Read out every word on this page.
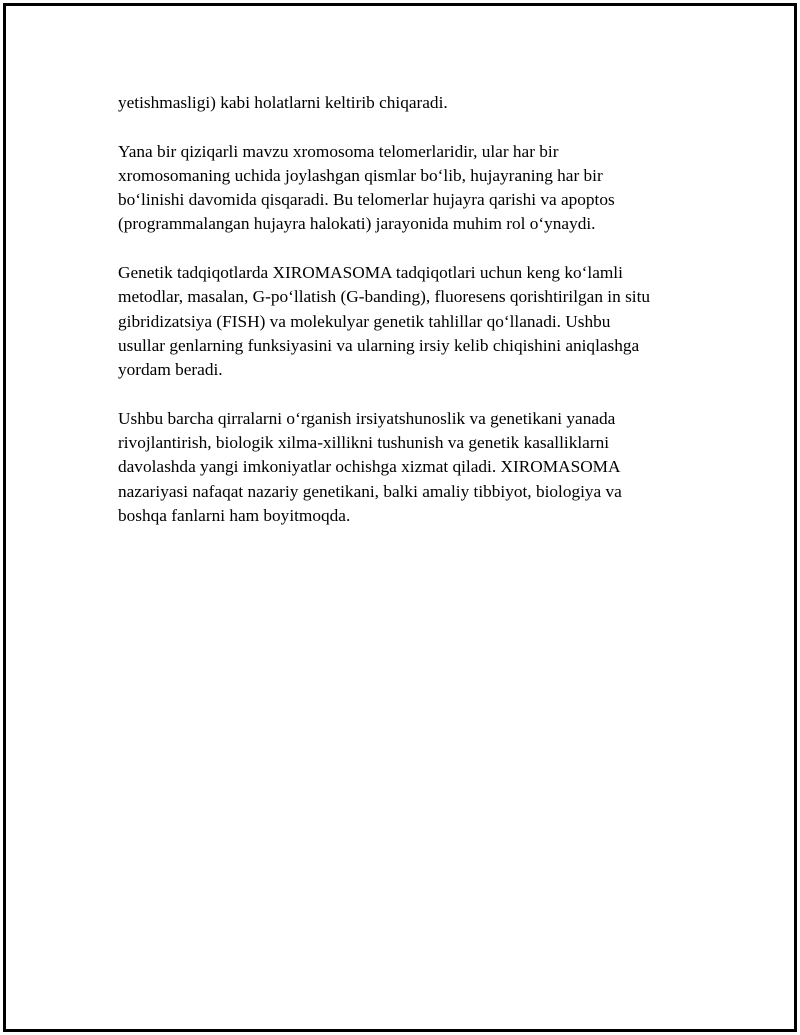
yetishmasligi) kabi holatlarni keltirib chiqaradi.

Yana bir qiziqarli mavzu xromosoma telomerlaridir, ular har bir
xromosomaning uchida joylashgan qismlar bo‘lib, hujayraning har bir
bo‘linishi davomida qisqaradi. Bu telomerlar hujayra qarishi va apoptos
(programmalangan hujayra halokati) jarayonida muhim rol o‘ynaydi.

Genetik tadqiqotlarda XIROMASOMA tadqiqotlari uchun keng ko‘lamli
metodlar, masalan, G-po‘llatish (G-banding), fluoresens qorishtirilgan in situ
gibridizatsiya (FISH) va molekulyar genetik tahlillar qo‘llanadi. Ushbu
usullar genlarning funksiyasini va ularning irsiy kelib chiqishini aniqlashga
yordam beradi.

Ushbu barcha qirralarni o‘rganish irsiyatshunoslik va genetikani yanada
rivojlantirish, biologik xilma-xillikni tushunish va genetik kasalliklarni
davolashda yangi imkoniyatlar ochishga xizmat qiladi. XIROMASOMA
nazariyasi nafaqat nazariy genetikani, balki amaliy tibbiyot, biologiya va
boshqa fanlarni ham boyitmoqda.
